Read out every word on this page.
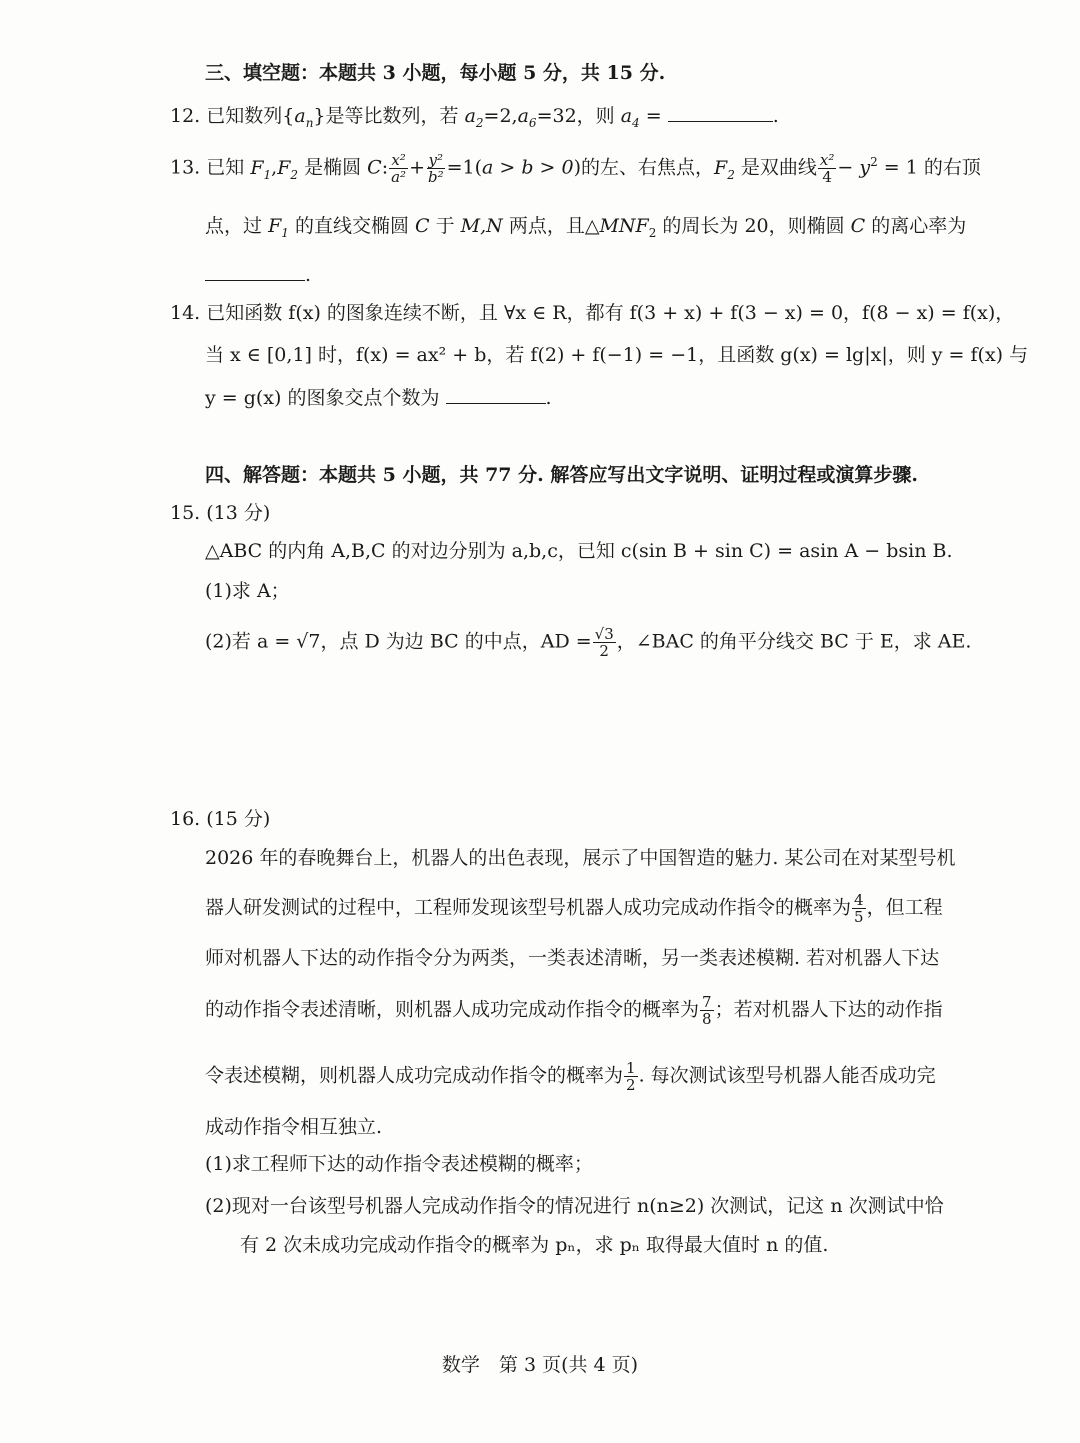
三、填空题：本题共 3 小题，每小题 5 分，共 15 分.
12. 已知数列$\{a_n\}$是等比数列，若 $a_2=2,a_6=32$，则 $a_4$ =	.
13. 已知 $F_1,F_2$ 是椭圆 C: $\frac{\text{x²}}{\text{a²}} + \frac{\text{y²}}{\text{b²}} =1(a > b > 0)$的左、右焦点，$F_2$ 是双曲线 $\frac{\text{x²}}{4} - y^2 = 1$ 的右顶
点，过 $F_1$ 的直线交椭圆 C 于 M,N 两点，且$\triangle MNF_2$ 的周长为 20，则椭圆 C 的离心率为
.
14. 已知函数 f(x) 的图象连续不断，且 ∀x ∈ R，都有 f(3 + x) + f(3 − x) = 0，f(8 − x) = f(x)，
当 x ∈ [0,1] 时，f(x) = ax² + b，若 f(2) + f(−1) = −1，且函数 g(x) = lg|x|，则 y = f(x) 与
y = g(x) 的图象交点个数为	.
四、解答题：本题共 5 小题，共 77 分. 解答应写出文字说明、证明过程或演算步骤.
15. (13 分)
△ABC 的内角 A,B,C 的对边分别为 a,b,c，已知 c(sin B + sin C) = asin A − bsin B.
(1)求 A；
(2)若 a = √7，点 D 为边 BC 的中点，AD = $\frac{√3}{2}$ ，∠BAC 的角平分线交 BC 于 E，求 AE.
16. (15 分)
2026 年的春晚舞台上，机器人的出色表现，展示了中国智造的魅力. 某公司在对某型号机
器人研发测试的过程中，工程师发现该型号机器人成功完成动作指令的概率为 $\frac{4}{5}$ ，但工程
师对机器人下达的动作指令分为两类，一类表述清晰，另一类表述模糊. 若对机器人下达
的动作指令表述清晰，则机器人成功完成动作指令的概率为 $\frac{7}{8}$ ；若对机器人下达的动作指
令表述模糊，则机器人成功完成动作指令的概率为 $\frac{1}{2}$ . 每次测试该型号机器人能否成功完
成动作指令相互独立.
(1)求工程师下达的动作指令表述模糊的概率；
(2)现对一台该型号机器人完成动作指令的情况进行 n(n≥2) 次测试，记这 n 次测试中恰
有 2 次未成功完成动作指令的概率为 pₙ，求 pₙ 取得最大值时 n 的值.
数学　第 3 页(共 4 页)
